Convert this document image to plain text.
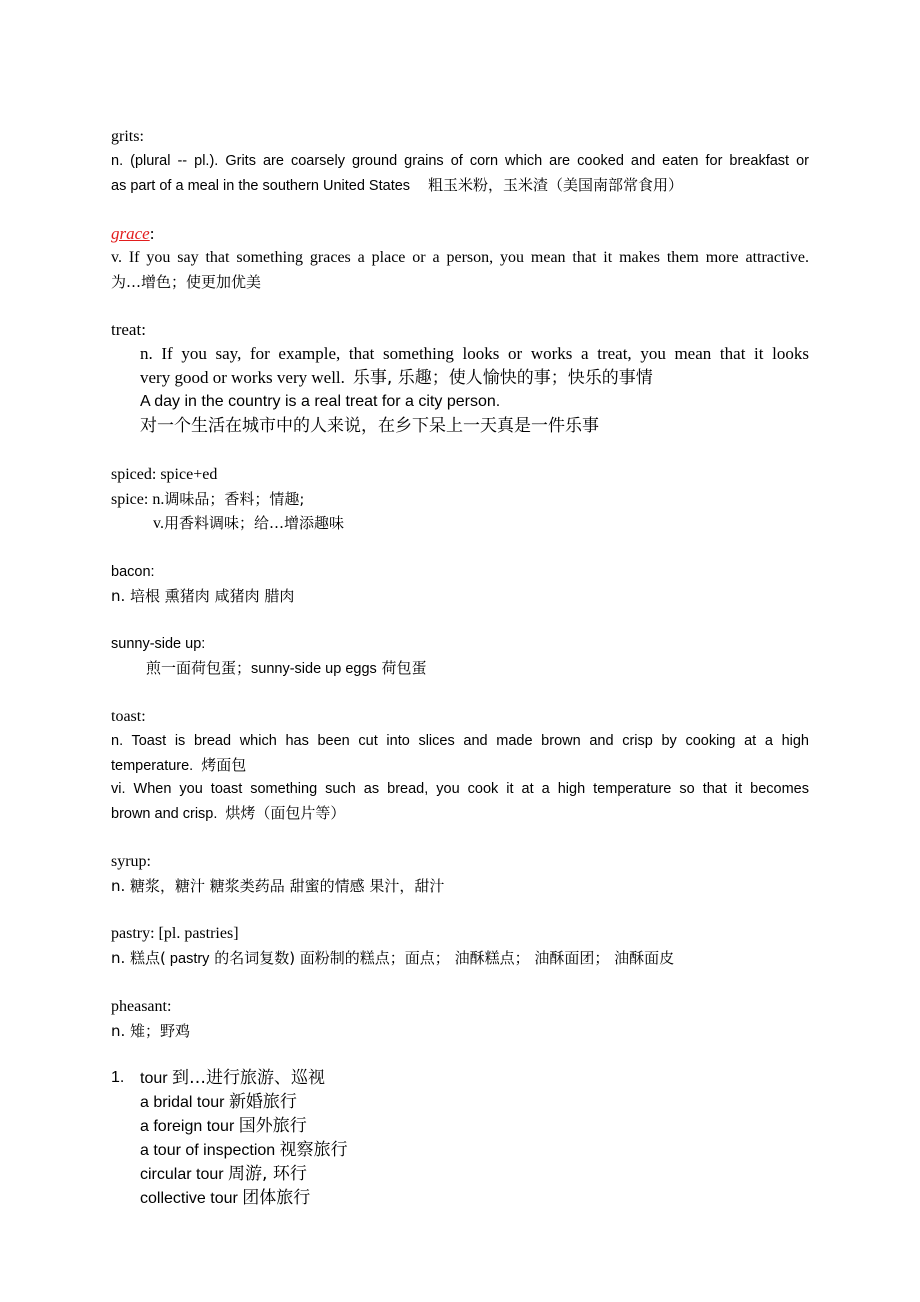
grits:
n. (plural -- pl.). Grits are coarsely ground grains of corn which are cooked and eaten for breakfast or
as part of a meal in the southern United States 粗玉米粉，玉米渣（美国南部常食用）
grace:
v. If you say that something graces a place or a person, you mean that it makes them more attractive.
为…增色；使更加优美
treat:
n. If you say, for example, that something looks or works a treat, you mean that it looks
very good or works very well. 乐事, 乐趣；使人愉快的事；快乐的事情
A day in the country is a real treat for a city person.
对一个生活在城市中的人来说，在乡下呆上一天真是一件乐事
spiced: spice+ed
spice: n.调味品；香料；情趣;
v.用香料调味；给…增添趣味
bacon:
n. 培根 熏猪肉 咸猪肉 腊肉
sunny-side up:
煎一面荷包蛋；sunny-side up eggs 荷包蛋
toast:
n. Toast is bread which has been cut into slices and made brown and crisp by cooking at a high
temperature. 烤面包
vi. When you toast something such as bread, you cook it at a high temperature so that it becomes
brown and crisp. 烘烤（面包片等）
syrup:
n. 糖浆，糖汁 糖浆类药品 甜蜜的情感 果汁，甜汁
pastry: [pl. pastries]
n. 糕点( pastry 的名词复数) 面粉制的糕点；面点； 油酥糕点； 油酥面团； 油酥面皮
pheasant:
n. 雉；野鸡
1. tour 到…进行旅游、巡视
a bridal tour 新婚旅行
a foreign tour 国外旅行
a tour of inspection 视察旅行
circular tour 周游, 环行
collective tour 团体旅行
